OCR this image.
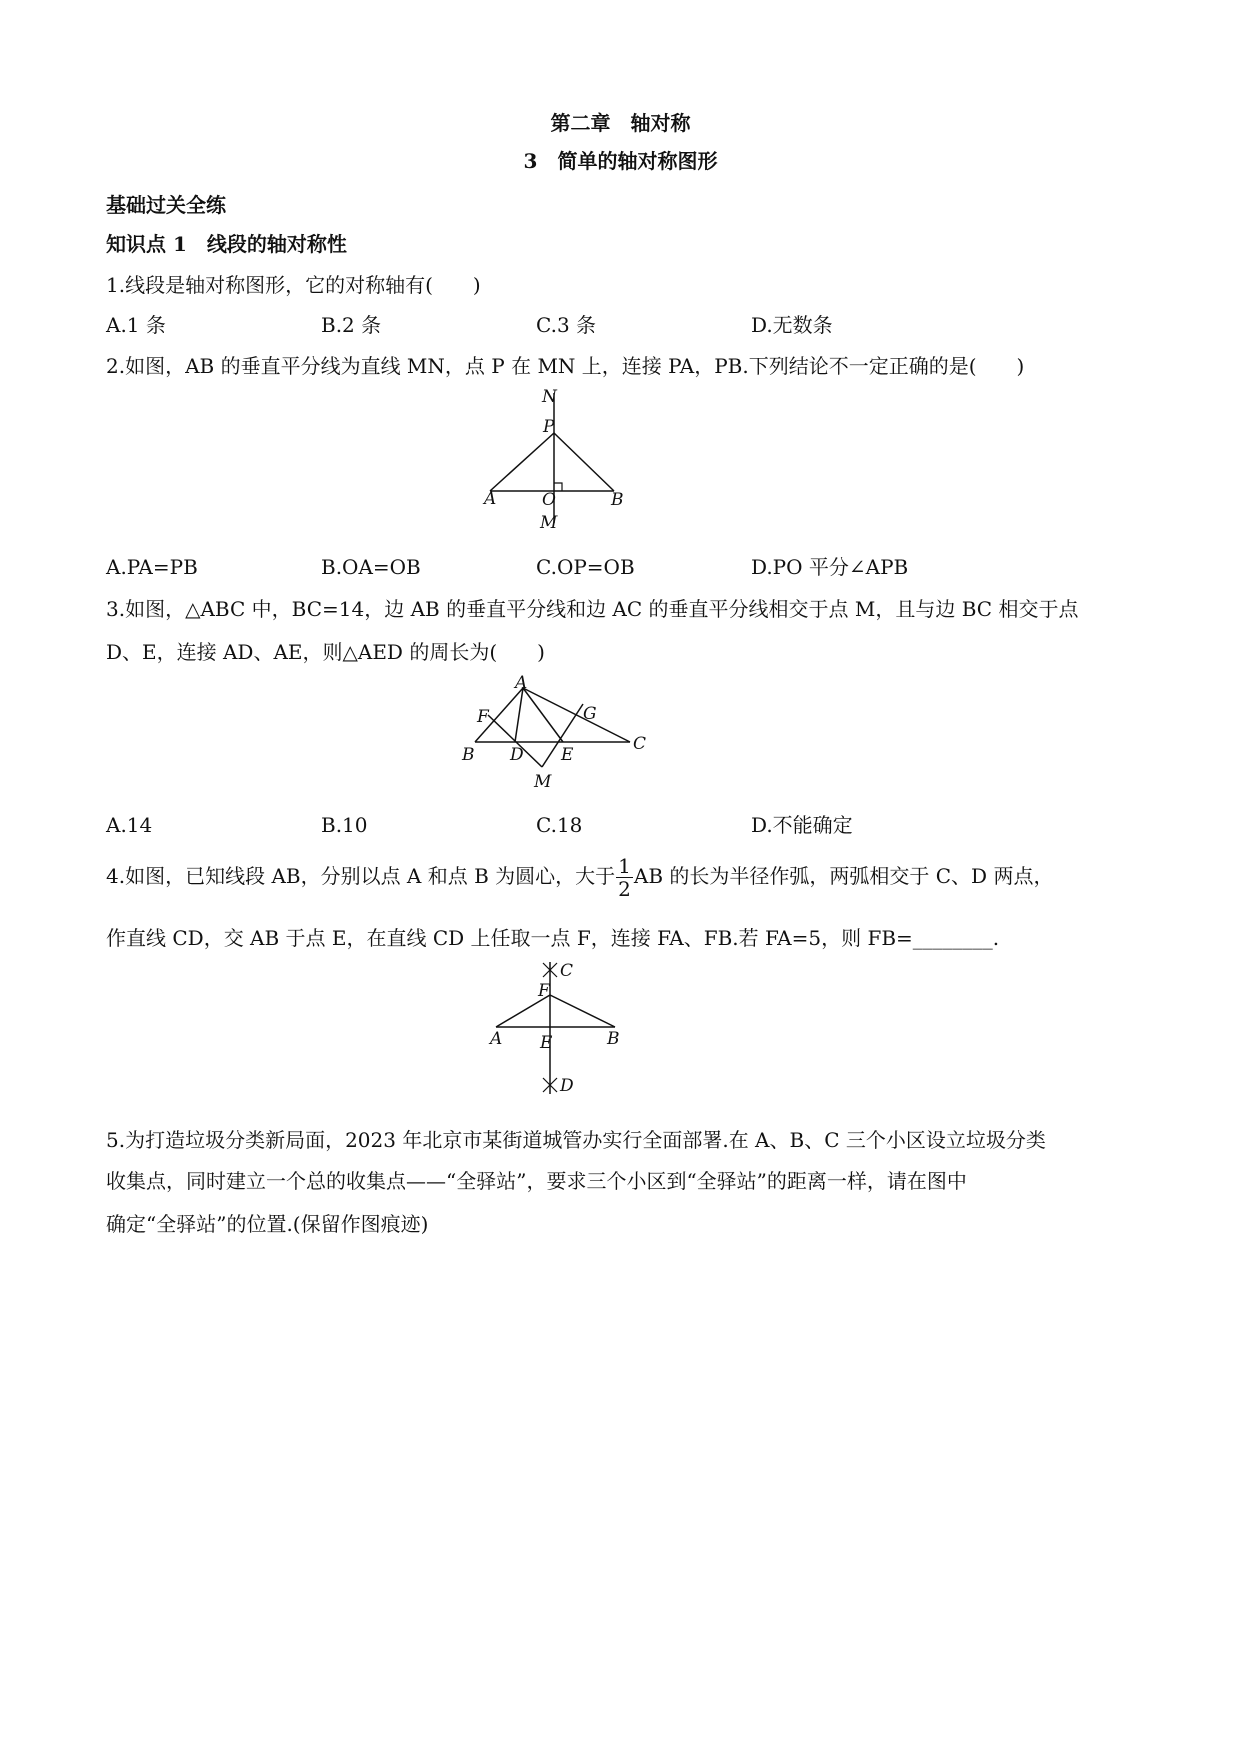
第二章　轴对称
3　简单的轴对称图形
基础过关全练
知识点 1　线段的轴对称性
1.线段是轴对称图形，它的对称轴有(　　)
A.1 条	B.2 条	C.3 条	D.无数条
2.如图，AB 的垂直平分线为直线 MN，点 P 在 MN 上，连接 PA，PB.下列结论不一定正确的是(　　)
N
P
A	O	B
M
A.PA=PB	B.OA=OB	C.OP=OB	D.PO 平分∠APB
3.如图，△ABC 中，BC=14，边 AB 的垂直平分线和边 AC 的垂直平分线相交于点 M，且与边 BC 相交于点
D、E，连接 AD、AE，则△AED 的周长为(　　)
A
F	G
B D E
C
M
A.14	B.10	C.18	D.不能确定
4.如图，已知线段 AB，分别以点 A 和点 B 为圆心，大于 $\frac{1}{2}$ AB 的长为半径作弧，两弧相交于 C、D 两点，
作直线 CD，交 AB 于点 E，在直线 CD 上任取一点 F，连接 FA、FB.若 FA=5，则 FB=________.
C
F
A E	B
D
5.为打造垃圾分类新局面，2023 年北京市某街道城管办实行全面部署.在 A、B、C 三个小区设立垃圾分类
收集点，同时建立一个总的收集点——“全驿站”，要求三个小区到“全驿站”的距离一样，请在图中
确定“全驿站”的位置.(保留作图痕迹)
